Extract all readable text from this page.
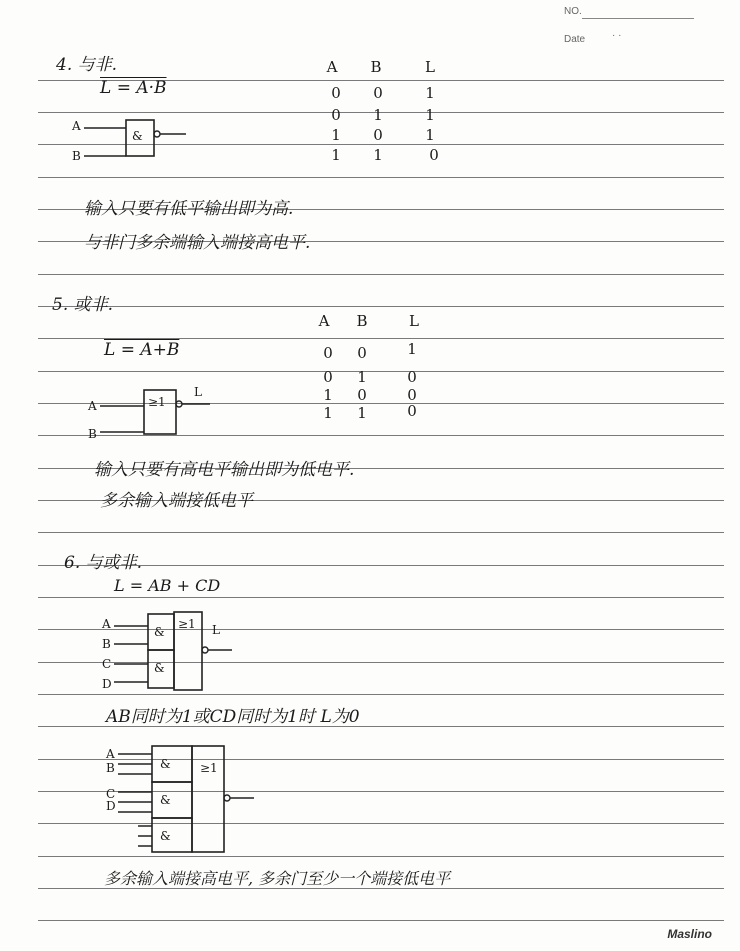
NO.
Date	· ·
4. 与非.
L = A·B
A	B	L
0	0	1
0	1	1
1	0	1
1	1	0
&
A
B
输入只要有低平输出即为高.
与非门多余端输入端接高电平.
5. 或非.
L = A+B
A	B	L
0	0	1
0	1	0
1	0	0
1	1	0
≥1
A
B
L
输入只要有高电平输出即为低电平.
多余输入端接低电平
6. 与或非.
L = AB + CD
&
&
≥1
A
B
C
D
L
AB同时为1或CD同时为1时 L为0
&
&
&
≥1
A
B
C
D
多余输入端接高电平, 多余门至少一个端接低电平
Maslino
